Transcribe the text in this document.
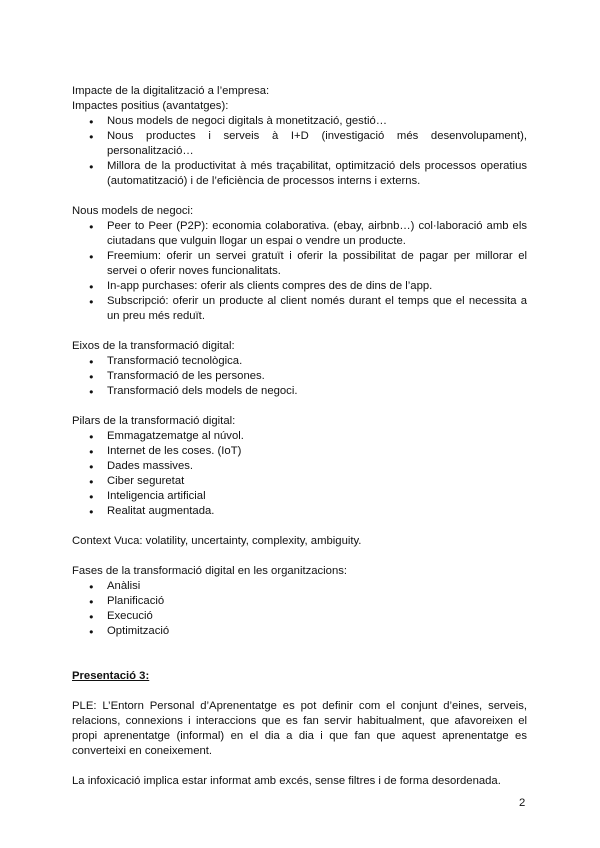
Impacte de la digitalització a l’empresa:

Impactes positius (avantatges):

● Nous models de negoci digitals à monetització, gestió…
● Nous productes i serveis à I+D (investigació més desenvolupament), personalització…
● Millora de la productivitat à més traçabilitat, optimització dels processos operatius (automatització) i de l’eficiència de processos interns i externs.

Nous models de negoci:

● Peer to Peer (P2P): economia colaborativa. (ebay, airbnb…) col·laboració amb els ciutadans que vulguin llogar un espai o vendre un producte.
● Freemium: oferir un servei gratuït i oferir la possibilitat de pagar per millorar el servei o oferir noves funcionalitats.
● In-app purchases: oferir als clients compres des de dins de l’app.
● Subscripció: oferir un producte al client només durant el temps que el necessita a un preu més reduït.

Eixos de la transformació digital:

● Transformació tecnològica.
● Transformació de les persones.
● Transformació dels models de negoci.

Pilars de la transformació digital:

● Emmagatzematge al núvol.
● Internet de les coses. (IoT)
● Dades massives.
● Ciber seguretat
● Inteligencia artificial
● Realitat augmentada.

Context Vuca: volatility, uncertainty, complexity, ambiguity.

Fases de la transformació digital en les organitzacions:

● Anàlisi
● Planificació
● Execució
● Optimització

Presentació 3:

PLE: L’Entorn Personal d’Aprenentatge es pot definir com el conjunt d’eines, serveis, relacions, connexions i interaccions que es fan servir habitualment, que afavoreixen el propi aprenentatge (informal) en el dia a dia i que fan que aquest aprenentatge es converteixi en coneixement.

La infoxicació implica estar informat amb excés, sense filtres i de forma desordenada.

2
